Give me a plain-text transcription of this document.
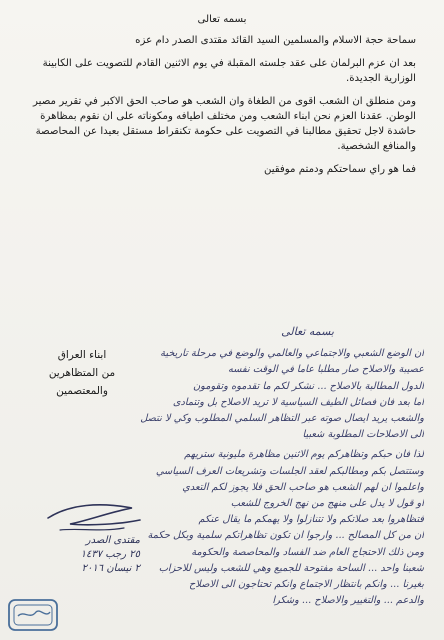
بسمه تعالى

سماحة حجة الاسلام والمسلمين السيد القائد مقتدى الصدر دام عزه

بعد ان عزم البرلمان على عقد جلسته المقبلة في يوم الاثنين القادم للتصويت على الكابينة الوزارية الجديدة.

ومن منطلق ان الشعب اقوى من الطغاة وان الشعب هو صاحب الحق الاكبر في تقرير مصير الوطن. عقدنا العزم نحن ابناء الشعب ومن مختلف اطيافه ومكوناته على ان نقوم بمظاهرة حاشدة لاجل تحقيق مطالبنا في التصويت على حكومة تكنقراط مستقل بعيدا عن المحاصصة والمنافع الشخصية.

فما هو راي سماحتكم ودمتم موفقين

بسمه تعالى
ان الوضع الشعبي والاجتماعي والعالمي والوضع في مرحلة تاريخية
عصيبة والاصلاح صار مطلبا عاما في الوقت نفسه
الدول المطالبة بالاصلاح ... نشكر لكم ما تقدموه وتقومون
اما بعد فان فصائل الطيف السياسية لا تريد الاصلاح بل وتتمادى
والشعب يريد ايصال صوته عبر التظاهر السلمي المطلوب وكي لا نتصل
الى الاصلاحات المطلوبة شعبيا
لذا فان حبكم وتظاهركم يوم الاثنين مظاهرة مليونية ستريهم
وستتصل بكم ومطالبكم لعقد الجلسات وتشريعات العرف السياسي
واعلموا ان لهم الشعب هو صاحب الحق فلا يجوز لكم التعدي
او قول لا يدل على منهج من نهج الخروج للشعب
فتظاهروا بعد صلاتكم ولا تتنازلوا ولا يهمكم ما يقال عنكم
ان من كل المصالح ... وارجوا ان تكون تظاهراتكم سلمية وبكل حكمة
ومن ذلك الاحتجاج العام ضد الفساد والمحاصصة والحكومة
شعبنا واحد ... الساحة مفتوحة للجميع وهي للشعب وليس للاحزاب
بغيرنا ... وانكم بانتظار الاجتماع وانكم تحتاجون الى الاصلاح
والدعم ... والتغيير والاصلاح ... وشكرا
ابناء العراق
من المتظاهرين والمعتصمين
مقتدى الصدر
٢٥ رجب ١٤٣٧
٢ نيسان ٢٠١٦
